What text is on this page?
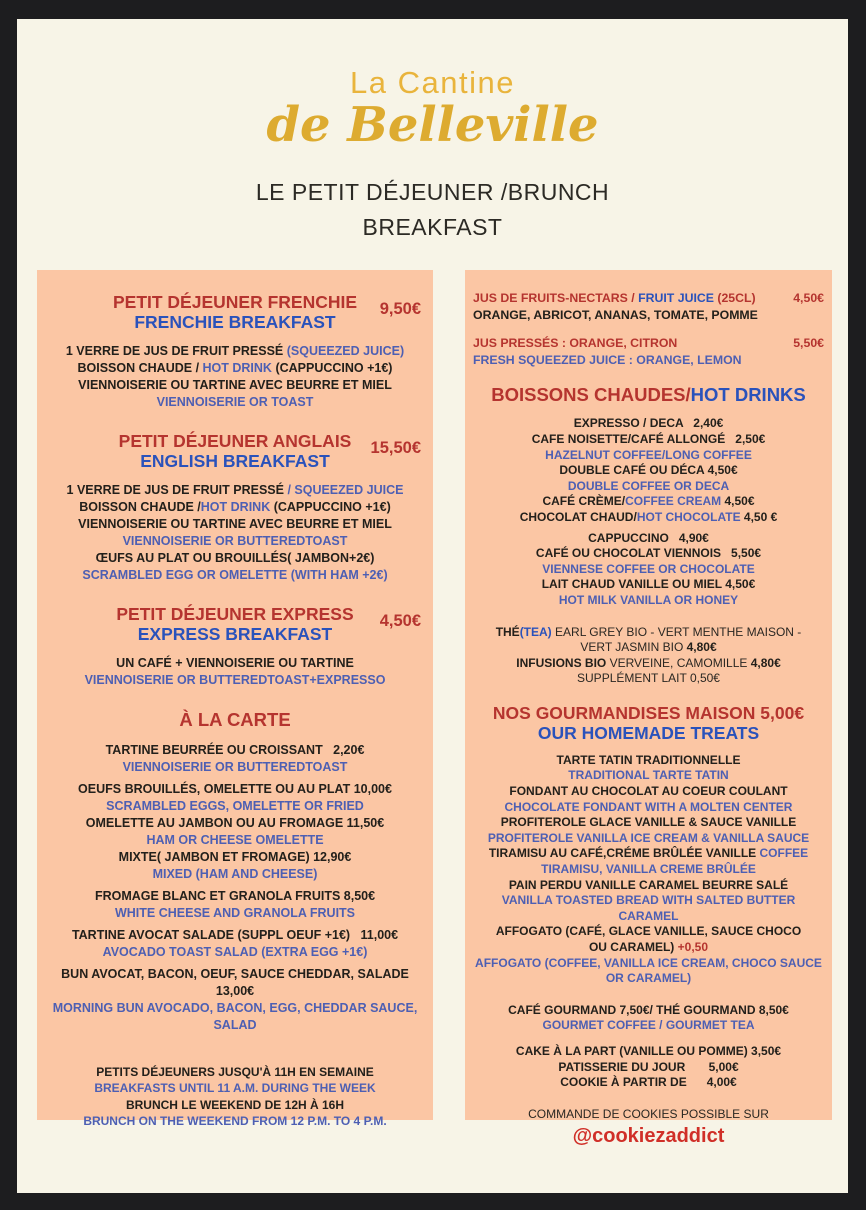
La Cantine
de Belleville
LE PETIT DÉJEUNER /BRUNCH
BREAKFAST
PETIT DÉJEUNER FRENCHIE
FRENCHIE BREAKFAST
9,50€
1 VERRE DE JUS DE FRUIT PRESSÉ (SQUEEZED JUICE)
BOISSON CHAUDE / HOT DRINK (CAPPUCCINO +1€)
VIENNOISERIE OU TARTINE AVEC BEURRE ET MIEL
VIENNOISERIE OR TOAST
PETIT DÉJEUNER ANGLAIS
ENGLISH BREAKFAST
15,50€
1 VERRE DE JUS DE FRUIT PRESSÉ / SQUEEZED JUICE
BOISSON CHAUDE /HOT DRINK (CAPPUCCINO +1€)
VIENNOISERIE OU TARTINE AVEC BEURRE ET MIEL
VIENNOISERIE OR BUTTEREDTOAST
ŒUFS AU PLAT OU BROUILLÉS( JAMBON+2€)
SCRAMBLED EGG OR OMELETTE (WITH HAM +2€)
PETIT DÉJEUNER EXPRESS
EXPRESS BREAKFAST
4,50€
UN CAFÉ + VIENNOISERIE OU TARTINE
VIENNOISERIE OR BUTTEREDTOAST+EXPRESSO
À LA CARTE
TARTINE BEURRÉE OU CROISSANT   2,20€
VIENNOISERIE OR BUTTEREDTOAST
OEUFS BROUILLÉS, OMELETTE OU AU PLAT 10,00€
SCRAMBLED EGGS, OMELETTE OR FRIED
OMELETTE AU JAMBON OU AU FROMAGE 11,50€
HAM OR CHEESE OMELETTE
MIXTE( JAMBON ET FROMAGE) 12,90€
MIXED (HAM AND CHEESE)
FROMAGE BLANC ET GRANOLA FRUITS 8,50€
WHITE CHEESE AND GRANOLA FRUITS
TARTINE AVOCAT SALADE (SUPPL OEUF +1€)   11,00€
AVOCADO TOAST SALAD (EXTRA EGG +1€)
BUN AVOCAT, BACON, OEUF, SAUCE CHEDDAR, SALADE 13,00€
MORNING BUN AVOCADO, BACON, EGG, CHEDDAR SAUCE, SALAD
PETITS DÉJEUNERS JUSQU'À 11H EN SEMAINE
BREAKFASTS UNTIL 11 A.M. DURING THE WEEK
BRUNCH LE WEEKEND DE 12H À 16H
BRUNCH ON THE WEEKEND FROM 12 P.M. TO 4 P.M.
JUS DE FRUITS-NECTARS / FRUIT JUICE (25CL)	4,50€
ORANGE, ABRICOT, ANANAS, TOMATE, POMME
JUS PRESSÉS : ORANGE, CITRON	5,50€
FRESH SQUEEZED JUICE : ORANGE, LEMON
BOISSONS CHAUDES/HOT DRINKS
EXPRESSO / DECA   2,40€
CAFE NOISETTE/CAFÉ ALLONGÉ   2,50€
HAZELNUT COFFEE/LONG COFFEE
DOUBLE CAFÉ OU DÉCA 4,50€
DOUBLE COFFEE OR DECA
CAFÉ CRÈME/COFFEE CREAM 4,50€
CHOCOLAT CHAUD/HOT CHOCOLATE 4,50 €
CAPPUCCINO   4,90€
CAFÉ OU CHOCOLAT VIENNOIS   5,50€
VIENNESE COFFEE OR CHOCOLATE
LAIT CHAUD VANILLE OU MIEL 4,50€
HOT MILK VANILLA OR HONEY
THÉ(TEA) EARL GREY BIO - VERT MENTHE MAISON -
VERT JASMIN BIO 4,80€
INFUSIONS BIO VERVEINE, CAMOMILLE 4,80€
SUPPLÉMENT LAIT 0,50€
NOS GOURMANDISES MAISON 5,00€
OUR HOMEMADE TREATS
TARTE TATIN TRADITIONNELLE
TRADITIONAL TARTE TATIN
FONDANT AU CHOCOLAT AU COEUR COULANT
CHOCOLATE FONDANT WITH A MOLTEN CENTER
PROFITEROLE GLACE VANILLE & SAUCE VANILLE
PROFITEROLE VANILLA ICE CREAM & VANILLA SAUCE
TIRAMISU AU CAFÉ,CRÉME BRÛLÉE VANILLE COFFEE
TIRAMISU, VANILLA CREME BRÛLÉE
PAIN PERDU VANILLE CARAMEL BEURRE SALÉ
VANILLA TOASTED BREAD WITH SALTED BUTTER CARAMEL
AFFOGATO (CAFÉ, GLACE VANILLE, SAUCE CHOCO
OU CARAMEL) +0,50
AFFOGATO (COFFEE, VANILLA ICE CREAM, CHOCO SAUCE
OR CARAMEL)
CAFÉ GOURMAND 7,50€/ THÉ GOURMAND 8,50€
GOURMET COFFEE / GOURMET TEA
CAKE À LA PART (VANILLE OU POMME) 3,50€
PATISSERIE DU JOUR       5,00€
COOKIE À PARTIR DE      4,00€
COMMANDE DE COOKIES POSSIBLE SUR
@cookiezaddict
